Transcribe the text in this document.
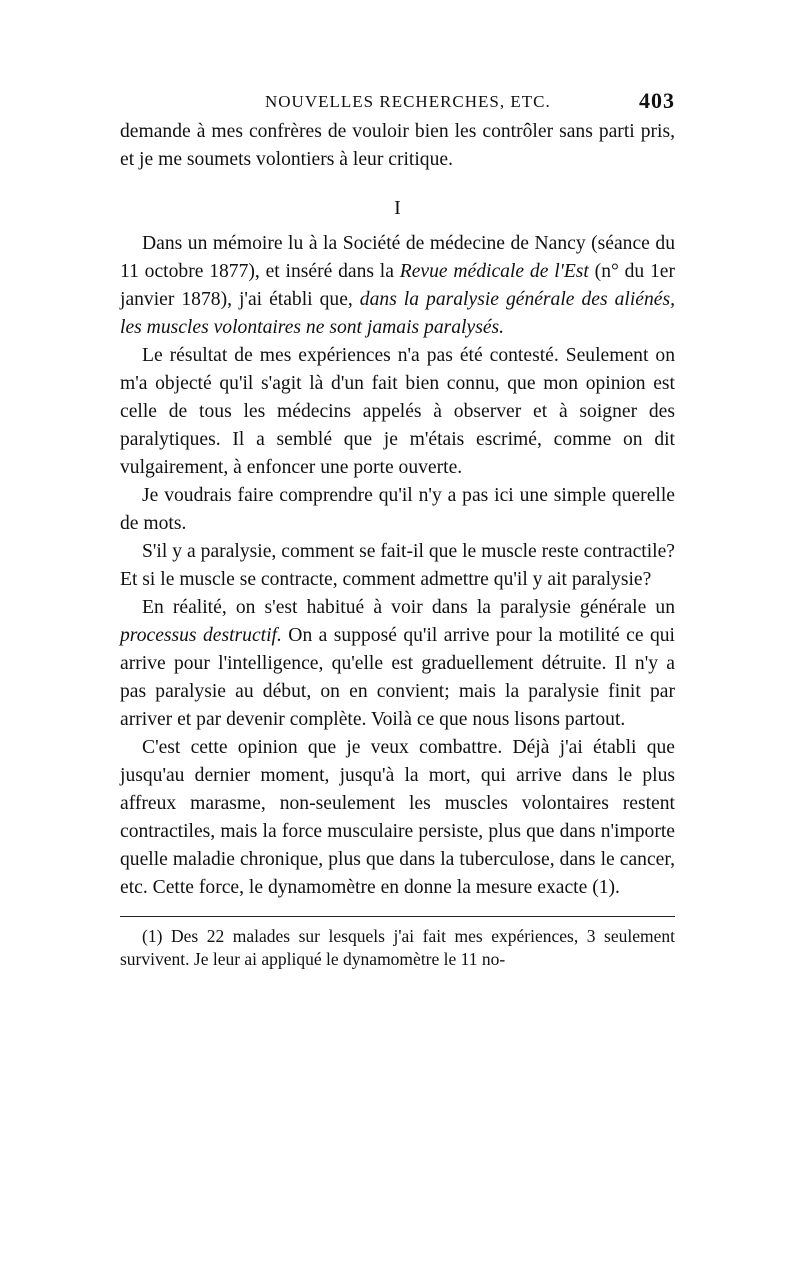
NOUVELLES RECHERCHES, ETC.	403

demande à mes confrères de vouloir bien les contrôler sans parti pris, et je me soumets volontiers à leur critique.

I

Dans un mémoire lu à la Société de médecine de Nancy (séance du 11 octobre 1877), et inséré dans la Revue médicale de l'Est (n° du 1er janvier 1878), j'ai établi que, dans la paralysie générale des aliénés, les muscles volontaires ne sont jamais paralysés.

Le résultat de mes expériences n'a pas été contesté. Seulement on m'a objecté qu'il s'agit là d'un fait bien connu, que mon opinion est celle de tous les médecins appelés à observer et à soigner des paralytiques. Il a semblé que je m'étais escrimé, comme on dit vulgairement, à enfoncer une porte ouverte.

Je voudrais faire comprendre qu'il n'y a pas ici une simple querelle de mots.

S'il y a paralysie, comment se fait-il que le muscle reste contractile? Et si le muscle se contracte, comment admettre qu'il y ait paralysie?

En réalité, on s'est habitué à voir dans la paralysie générale un processus destructif. On a supposé qu'il arrive pour la motilité ce qui arrive pour l'intelligence, qu'elle est graduellement détruite. Il n'y a pas paralysie au début, on en convient; mais la paralysie finit par arriver et par devenir complète. Voilà ce que nous lisons partout.

C'est cette opinion que je veux combattre. Déjà j'ai établi que jusqu'au dernier moment, jusqu'à la mort, qui arrive dans le plus affreux marasme, non-seulement les muscles volontaires restent contractiles, mais la force musculaire persiste, plus que dans n'importe quelle maladie chronique, plus que dans la tuberculose, dans le cancer, etc. Cette force, le dynamomètre en donne la mesure exacte (1).

(1) Des 22 malades sur lesquels j'ai fait mes expériences, 3 seulement survivent. Je leur ai appliqué le dynamomètre le 11 no-
